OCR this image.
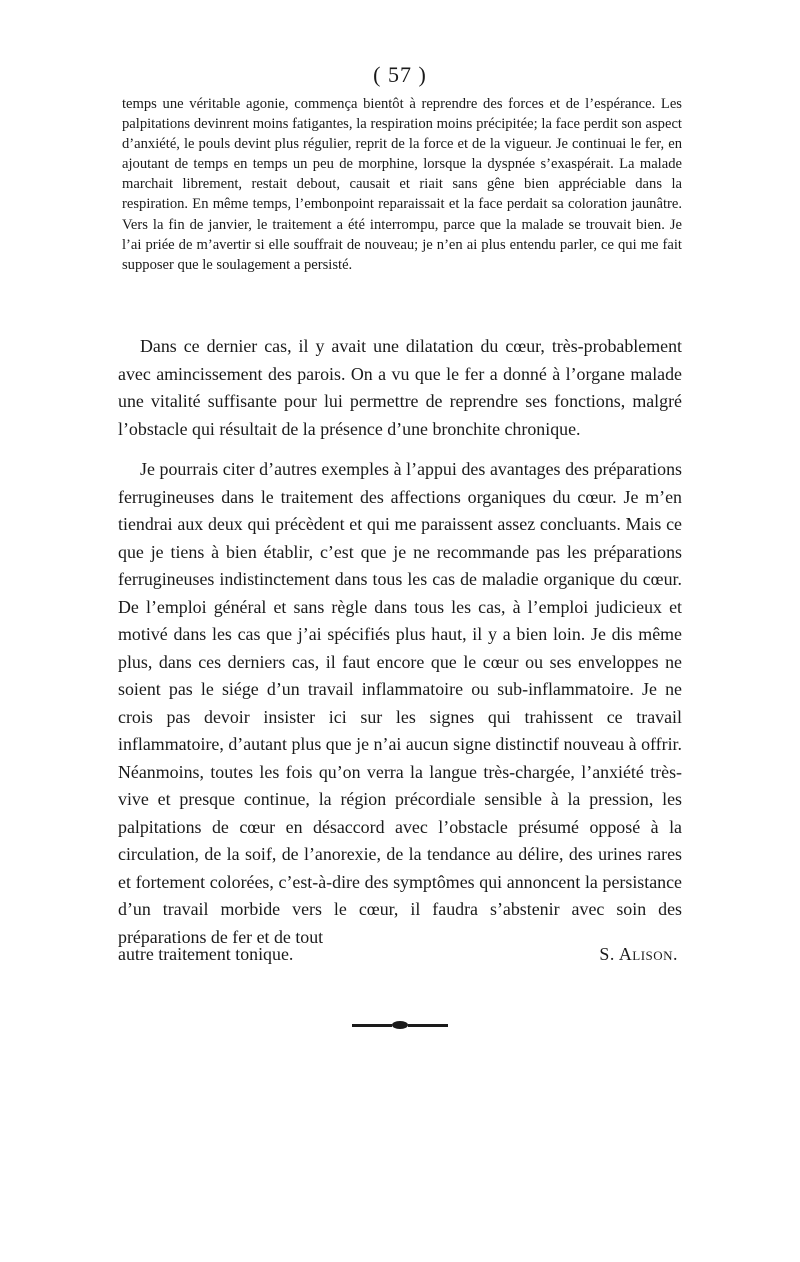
( 57 )

temps une véritable agonie, commença bientôt à reprendre des forces et de l’espérance. Les palpitations devinrent moins fatigantes, la respiration moins précipitée; la face perdit son aspect d’anxiété, le pouls devint plus régulier, reprit de la force et de la vigueur. Je continuai le fer, en ajoutant de temps en temps un peu de morphine, lorsque la dyspnée s’exaspérait. La malade marchait librement, restait debout, causait et riait sans gêne bien appréciable dans la respiration. En même temps, l’embonpoint reparaissait et la face perdait sa coloration jaunâtre. Vers la fin de janvier, le traitement a été interrompu, parce que la malade se trouvait bien. Je l’ai priée de m’avertir si elle souffrait de nouveau; je n’en ai plus entendu parler, ce qui me fait supposer que le soulagement a persisté.

Dans ce dernier cas, il y avait une dilatation du cœur, très-probablement avec amincissement des parois. On a vu que le fer a donné à l’organe malade une vitalité suffisante pour lui permettre de reprendre ses fonctions, malgré l’obstacle qui résultait de la présence d’une bronchite chronique.

Je pourrais citer d’autres exemples à l’appui des avantages des préparations ferrugineuses dans le traitement des affections organiques du cœur. Je m’en tiendrai aux deux qui précèdent et qui me paraissent assez concluants. Mais ce que je tiens à bien établir, c’est que je ne recommande pas les préparations ferrugineuses indistinctement dans tous les cas de maladie organique du cœur. De l’emploi général et sans règle dans tous les cas, à l’emploi judicieux et motivé dans les cas que j’ai spécifiés plus haut, il y a bien loin. Je dis même plus, dans ces derniers cas, il faut encore que le cœur ou ses enveloppes ne soient pas le siége d’un travail inflammatoire ou sub-inflammatoire. Je ne crois pas devoir insister ici sur les signes qui trahissent ce travail inflammatoire, d’autant plus que je n’ai aucun signe distinctif nouveau à offrir. Néanmoins, toutes les fois qu’on verra la langue très-chargée, l’anxiété très-vive et presque continue, la région précordiale sensible à la pression, les palpitations de cœur en désaccord avec l’obstacle présumé opposé à la circulation, de la soif, de l’anorexie, de la tendance au délire, des urines rares et fortement colorées, c’est-à-dire des symptômes qui annoncent la persistance d’un travail morbide vers le cœur, il faudra s’abstenir avec soin des préparations de fer et de tout

autre traitement tonique.	S. Alison.
